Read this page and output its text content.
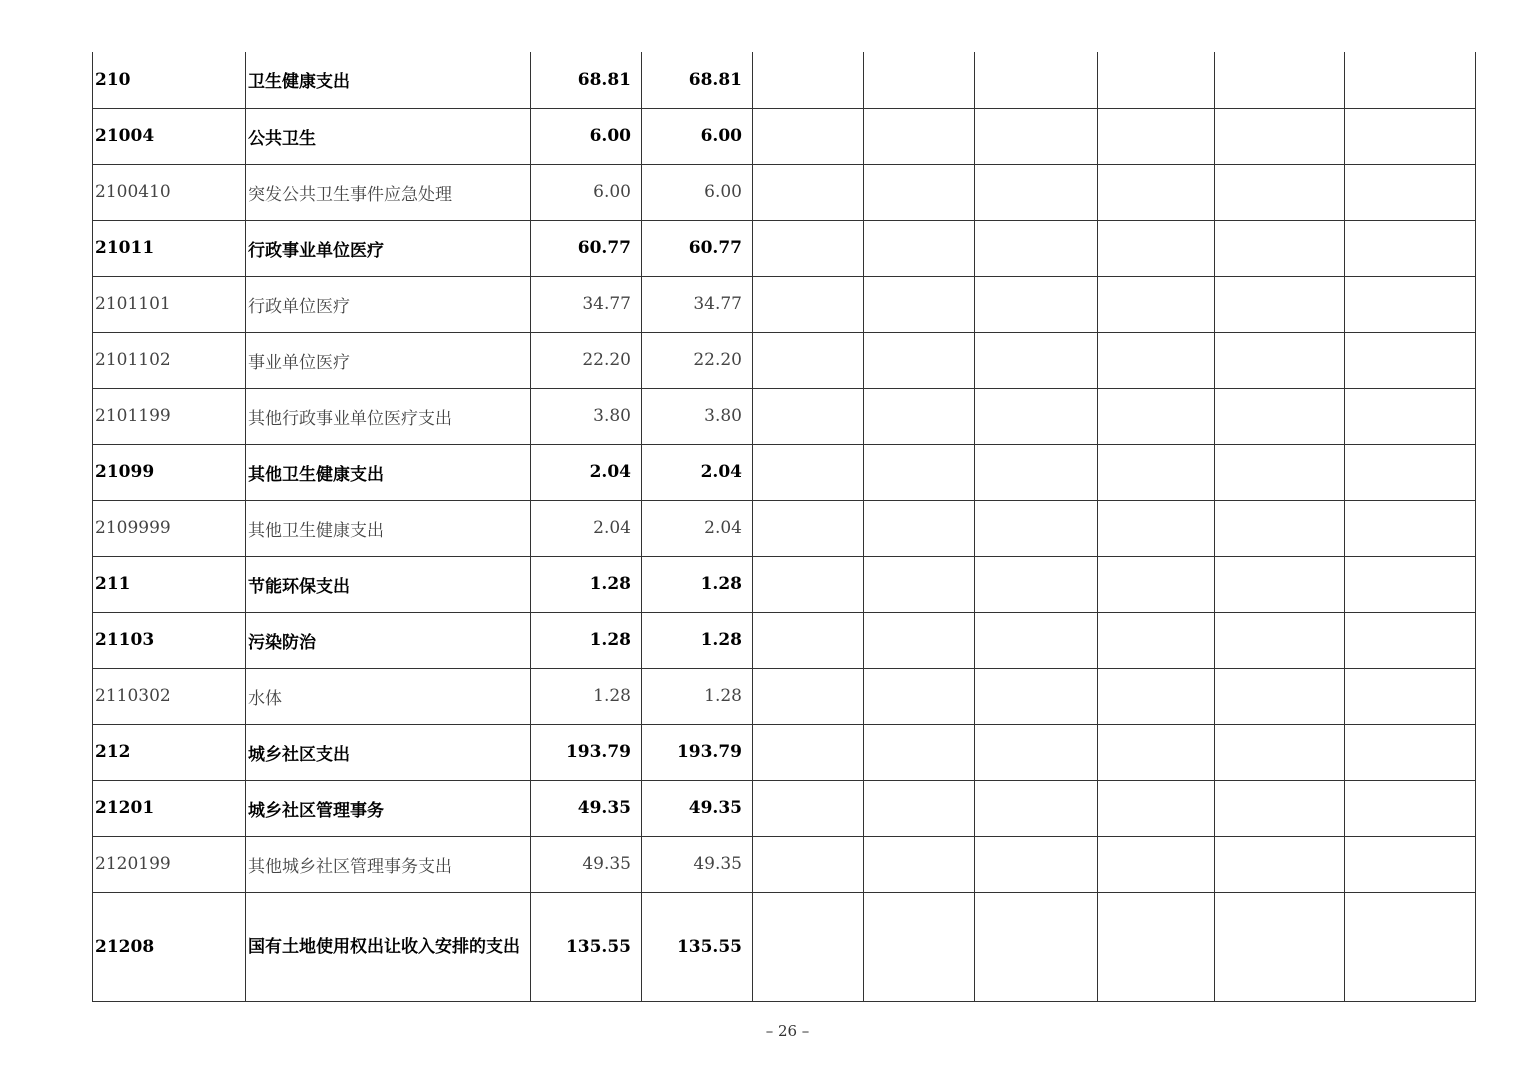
210	卫生健康支出	68.81	68.81						
21004	公共卫生	6.00	6.00						
2100410	突发公共卫生事件应急处理	6.00	6.00						
21011	行政事业单位医疗	60.77	60.77						
2101101	行政单位医疗	34.77	34.77						
2101102	事业单位医疗	22.20	22.20						
2101199	其他行政事业单位医疗支出	3.80	3.80						
21099	其他卫生健康支出	2.04	2.04						
2109999	其他卫生健康支出	2.04	2.04						
211	节能环保支出	1.28	1.28						
21103	污染防治	1.28	1.28						
2110302	水体	1.28	1.28						
212	城乡社区支出	193.79	193.79						
21201	城乡社区管理事务	49.35	49.35						
2120199	其他城乡社区管理事务支出	49.35	49.35						
21208	国有土地使用权出让收入安排的支出	135.55	135.55						
– 26 –
